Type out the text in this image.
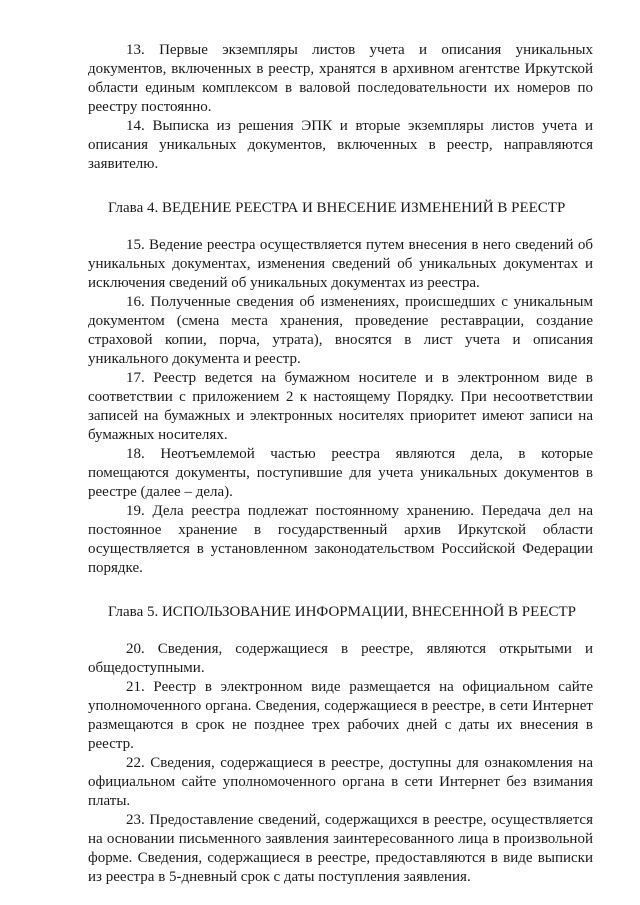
13. Первые экземпляры листов учета и описания уникальных документов, включенных в реестр, хранятся в архивном агентстве Иркутской области единым комплексом в валовой последовательности их номеров по реестру постоянно.

14. Выписка из решения ЭПК и вторые экземпляры листов учета и описания уникальных документов, включенных в реестр, направляются заявителю.

Глава 4. ВЕДЕНИЕ РЕЕСТРА И ВНЕСЕНИЕ ИЗМЕНЕНИЙ В РЕЕСТР

15. Ведение реестра осуществляется путем внесения в него сведений об уникальных документах, изменения сведений об уникальных документах и исключения сведений об уникальных документах из реестра.

16. Полученные сведения об изменениях, происшедших с уникальным документом (смена места хранения, проведение реставрации, создание страховой копии, порча, утрата), вносятся в лист учета и описания уникального документа и реестр.

17. Реестр ведется на бумажном носителе и в электронном виде в соответствии с приложением 2 к настоящему Порядку. При несоответствии записей на бумажных и электронных носителях приоритет имеют записи на бумажных носителях.

18. Неотъемлемой частью реестра являются дела, в которые помещаются документы, поступившие для учета уникальных документов в реестре (далее – дела).

19. Дела реестра подлежат постоянному хранению. Передача дел на постоянное хранение в государственный архив Иркутской области осуществляется в установленном законодательством Российской Федерации порядке.

Глава 5. ИСПОЛЬЗОВАНИЕ ИНФОРМАЦИИ, ВНЕСЕННОЙ В РЕЕСТР

20. Сведения, содержащиеся в реестре, являются открытыми и общедоступными.

21. Реестр в электронном виде размещается на официальном сайте уполномоченного органа. Сведения, содержащиеся в реестре, в сети Интернет размещаются в срок не позднее трех рабочих дней с даты их внесения в реестр.

22. Сведения, содержащиеся в реестре, доступны для ознакомления на официальном сайте уполномоченного органа в сети Интернет без взимания платы.

23. Предоставление сведений, содержащихся в реестре, осуществляется на основании письменного заявления заинтересованного лица в произвольной форме. Сведения, содержащиеся в реестре, предоставляются в виде выписки из реестра в 5-дневный срок с даты поступления заявления.
